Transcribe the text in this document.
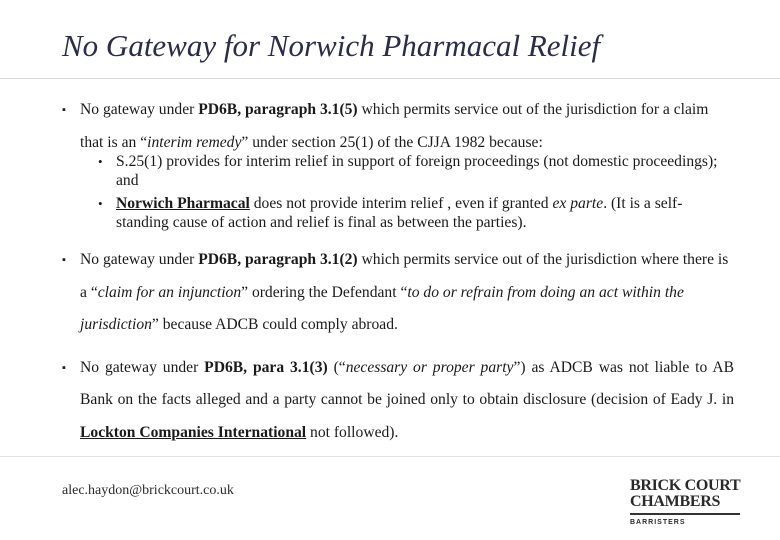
No Gateway for Norwich Pharmacal Relief
▪ No gateway under PD6B, paragraph 3.1(5) which permits service out of the jurisdiction for a claim that is an “interim remedy” under section 25(1) of the CJJA 1982 because:
• S.25(1) provides for interim relief in support of foreign proceedings (not domestic proceedings); and
• Norwich Pharmacal does not provide interim relief , even if granted ex parte. (It is a self-standing cause of action and relief is final as between the parties).
▪ No gateway under PD6B, paragraph 3.1(2) which permits service out of the jurisdiction where there is a “claim for an injunction” ordering the Defendant “to do or refrain from doing an act within the jurisdiction” because ADCB could comply abroad.
▪ No gateway under PD6B, para 3.1(3) (“necessary or proper party”) as ADCB was not liable to AB Bank on the facts alleged and a party cannot be joined only to obtain disclosure (decision of Eady J. in Lockton Companies International not followed).
alec.haydon@brickcourt.co.uk	BRICK COURT
CHAMBERS
BARRISTERS
